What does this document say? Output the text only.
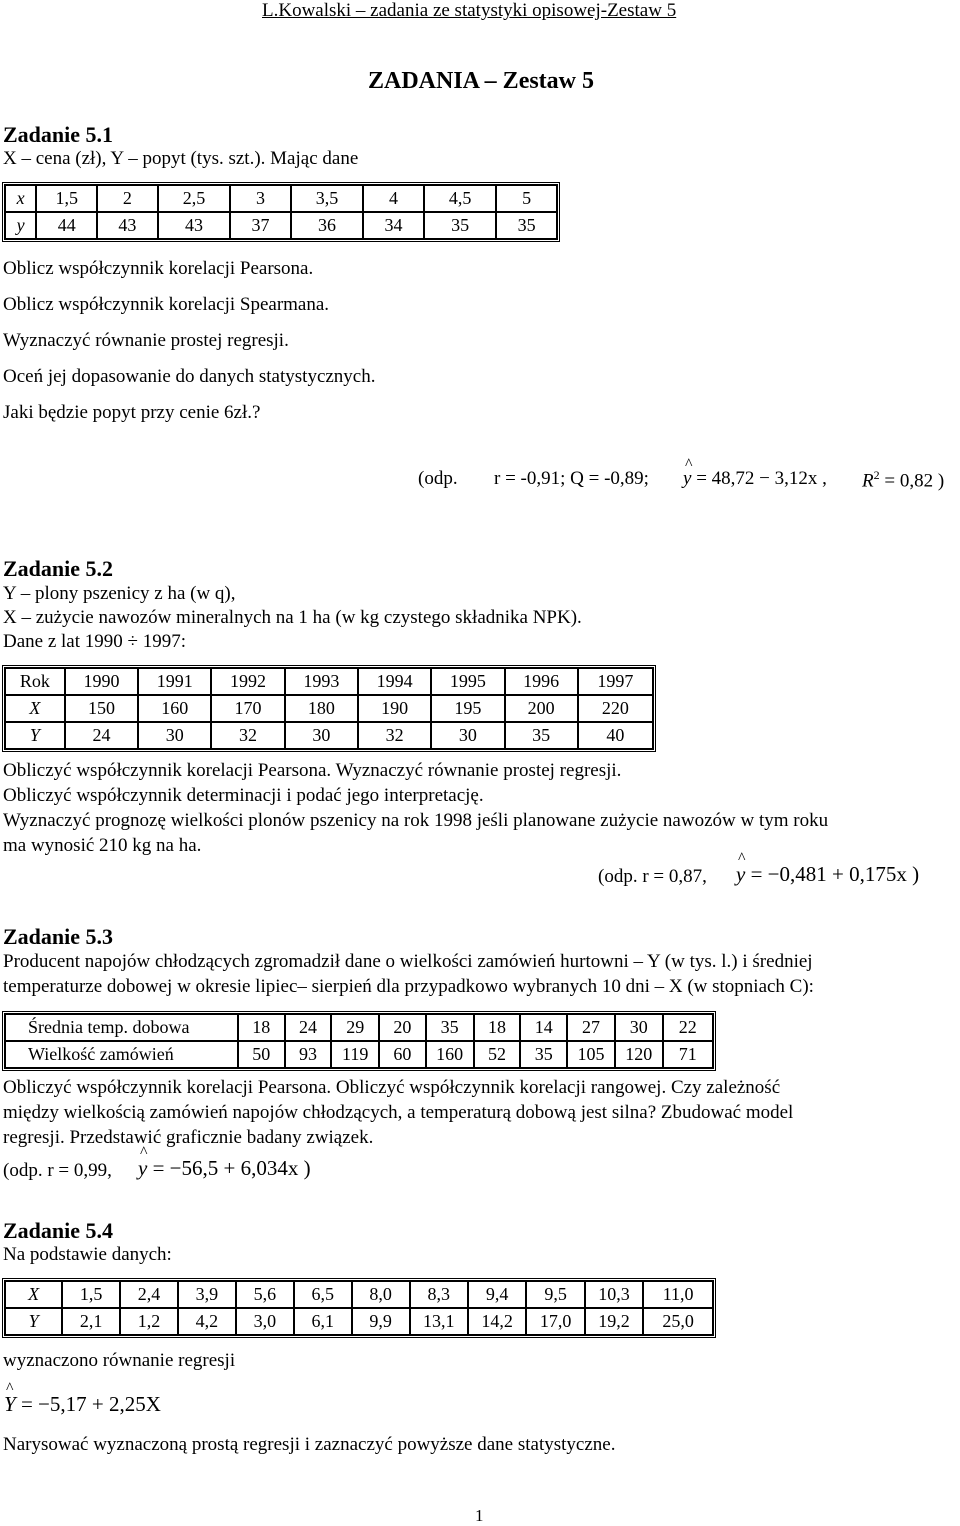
L.Kowalski – zadania ze statystyki opisowej-Zestaw 5
ZADANIA – Zestaw 5
Zadanie 5.1
X – cena (zł), Y – popyt (tys. szt.). Mając dane
x	1,5	2	2,5	3	3,5	4	4,5	5
y	44	43	43	37	36	34	35	35
Oblicz współczynnik korelacji Pearsona.
Oblicz współczynnik korelacji Spearmana.
Wyznaczyć równanie prostej regresji.
Oceń jej dopasowanie do danych statystycznych.
Jaki będzie popyt przy cenie 6zł.?
(odp. r = -0,91; Q = -0,89;
^
y = 48,72 − 3,12x , $R^2 = 0,82$ )
Zadanie 5.2
Y – plony pszenicy z ha (w q),
X – zużycie nawozów mineralnych na 1 ha (w kg czystego składnika NPK).
Dane z lat 1990 ÷ 1997:
Rok	1990	1991	1992	1993	1994	1995	1996	1997
X	150	160	170	180	190	195	200	220
Y	24	30	32	30	32	30	35	40
Obliczyć współczynnik korelacji Pearsona. Wyznaczyć równanie prostej regresji.
Obliczyć współczynnik determinacji i podać jego interpretację.
Wyznaczyć prognozę wielkości plonów pszenicy na rok 1998 jeśli planowane zużycie nawozów w tym roku
ma wynosić 210 kg na ha.
(odp. r = 0,87,
^
y = −0,481 + 0,175x )
Zadanie 5.3
Producent napojów chłodzących zgromadził dane o wielkości zamówień hurtowni – Y (w tys. l.) i średniej
temperaturze dobowej w okresie lipiec– sierpień dla przypadkowo wybranych 10 dni – X (w stopniach C):
Średnia temp. dobowa	18	24	29	20	35	18	14	27	30	22
Wielkość zamówień	50	93	119	60	160	52	35	105	120	71
Obliczyć współczynnik korelacji Pearsona. Obliczyć współczynnik korelacji rangowej. Czy zależność
między wielkością zamówień napojów chłodzących, a temperaturą dobową jest silna? Zbudować model
regresji. Przedstawić graficznie badany związek.
(odp. r = 0,99,
^
y = −56,5 + 6,034x )
Zadanie 5.4
Na podstawie danych:
X	1,5	2,4	3,9	5,6	6,5	8,0	8,3	9,4	9,5	10,3	11,0
Y	2,1	1,2	4,2	3,0	6,1	9,9	13,1	14,2	17,0	19,2	25,0
wyznaczono równanie regresji
^
Y = −5,17 + 2,25X
Narysować wyznaczoną prostą regresji i zaznaczyć powyższe dane statystyczne.
1
